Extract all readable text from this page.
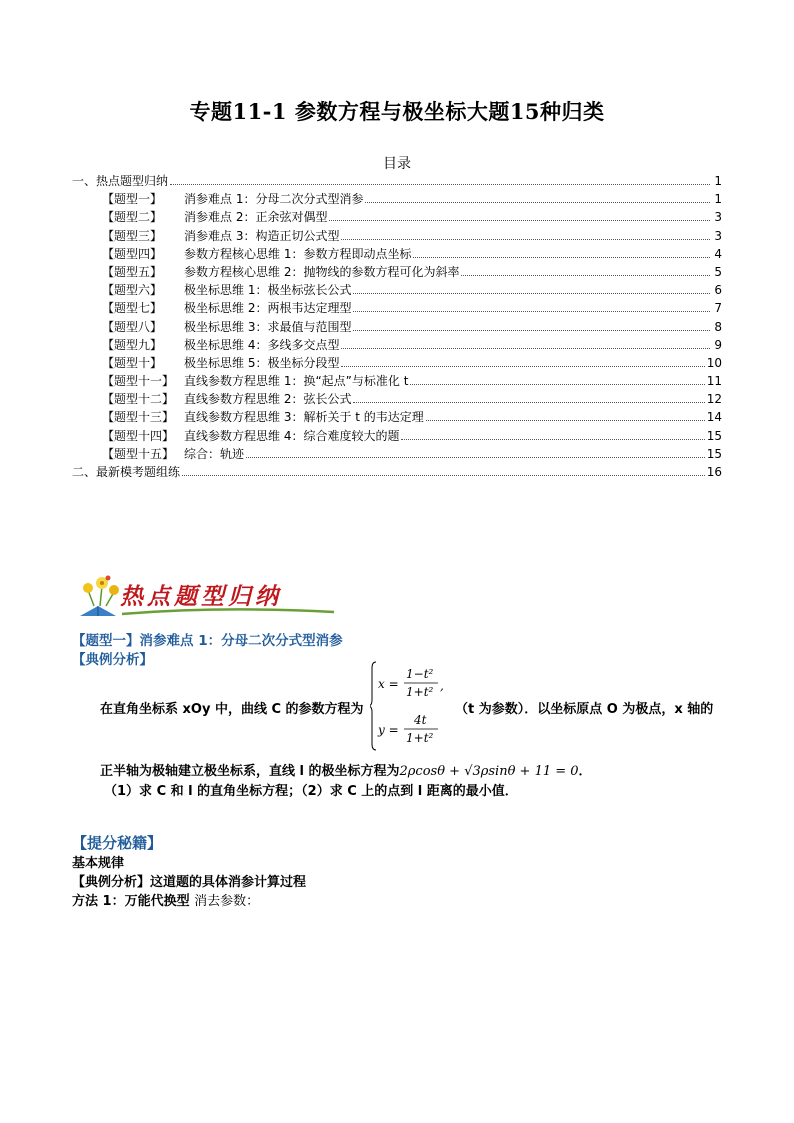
专题11-1 参数方程与极坐标大题15种归类
目录
一、热点题型归纳	1
【题型一】	消参难点 1：分母二次分式型消参	1
【题型二】	消参难点 2：正余弦对偶型	3
【题型三】	消参难点 3：构造正切公式型	3
【题型四】	参数方程核心思维 1：参数方程即动点坐标	4
【题型五】	参数方程核心思维 2：抛物线的参数方程可化为斜率	5
【题型六】	极坐标思维 1：极坐标弦长公式	6
【题型七】	极坐标思维 2：两根韦达定理型	7
【题型八】	极坐标思维 3：求最值与范围型	8
【题型九】	极坐标思维 4：多线多交点型	9
【题型十】	极坐标思维 5：极坐标分段型	10
【题型十一】 直线参数方程思维 1：换“起点”与标准化 t	11
【题型十二】 直线参数方程思维 2：弦长公式	12
【题型十三】 直线参数方程思维 3：解析关于 t 的韦达定理	14
【题型十四】 直线参数方程思维 4：综合难度较大的题	15
【题型十五】 综合：轨迹	15
二、最新模考题组练	16
热点题型归纳
【题型一】消参难点 1：分母二次分式型消参
【典例分析】
在直角坐标系 xOy 中，曲线 C 的参数方程为
x =
1−t²
1+t² ,
y =
4t
1+t²
（t 为参数）．以坐标原点 O 为极点，x 轴的
正半轴为极轴建立极坐标系，直线 l 的极坐标方程为2ρcosθ + √3ρsinθ + 11 = 0．
（1）求 C 和 l 的直角坐标方程；（2）求 C 上的点到 l 距离的最小值．
【提分秘籍】
基本规律
【典例分析】这道题的具体消参计算过程
方法 1：万能代换型 消去参数：
